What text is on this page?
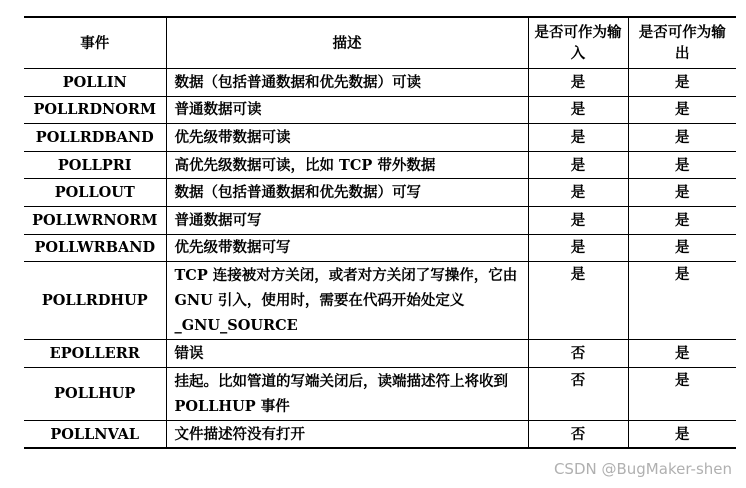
事件	描述	是否可作为输入	是否可作为输出
POLLIN	数据（包括普通数据和优先数据）可读	是	是
POLLRDNORM	普通数据可读	是	是
POLLRDBAND	优先级带数据可读	是	是
POLLPRI	高优先级数据可读，比如 TCP 带外数据	是	是
POLLOUT	数据（包括普通数据和优先数据）可写	是	是
POLLWRNORM	普通数据可写	是	是
POLLWRBAND	优先级带数据可写	是	是
POLLRDHUP	TCP 连接被对方关闭，或者对方关闭了写操作，它由 GNU 引入，使用时，需要在代码开始处定义_GNU_SOURCE	是	是
EPOLLERR	错误	否	是
POLLHUP	挂起。比如管道的写端关闭后，读端描述符上将收到 POLLHUP 事件	否	是
POLLNVAL	文件描述符没有打开	否	是
CSDN @BugMaker-shen
